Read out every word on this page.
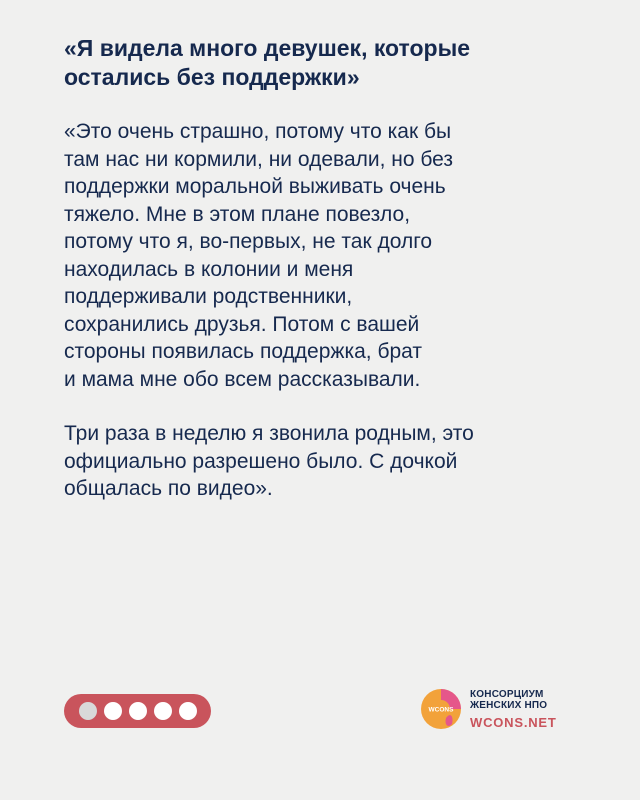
«Я видела много девушек, которые
остались без поддержки»

«Это очень страшно, потому что как бы
там нас ни кормили, ни одевали, но без
поддержки моральной выживать очень
тяжело. Мне в этом плане повезло,
потому что я, во-первых, не так долго
находилась в колонии и меня
поддерживали родственники,
сохранились друзья. Потом с вашей
стороны появилась поддержка, брат
и мама мне обо всем рассказывали.

Три раза в неделю я звонила родным, это
официально разрешено было. С дочкой
общалась по видео».

WCONS
КОНСОРЦИУМ
ЖЕНСКИХ НПО
WCONS.NET
